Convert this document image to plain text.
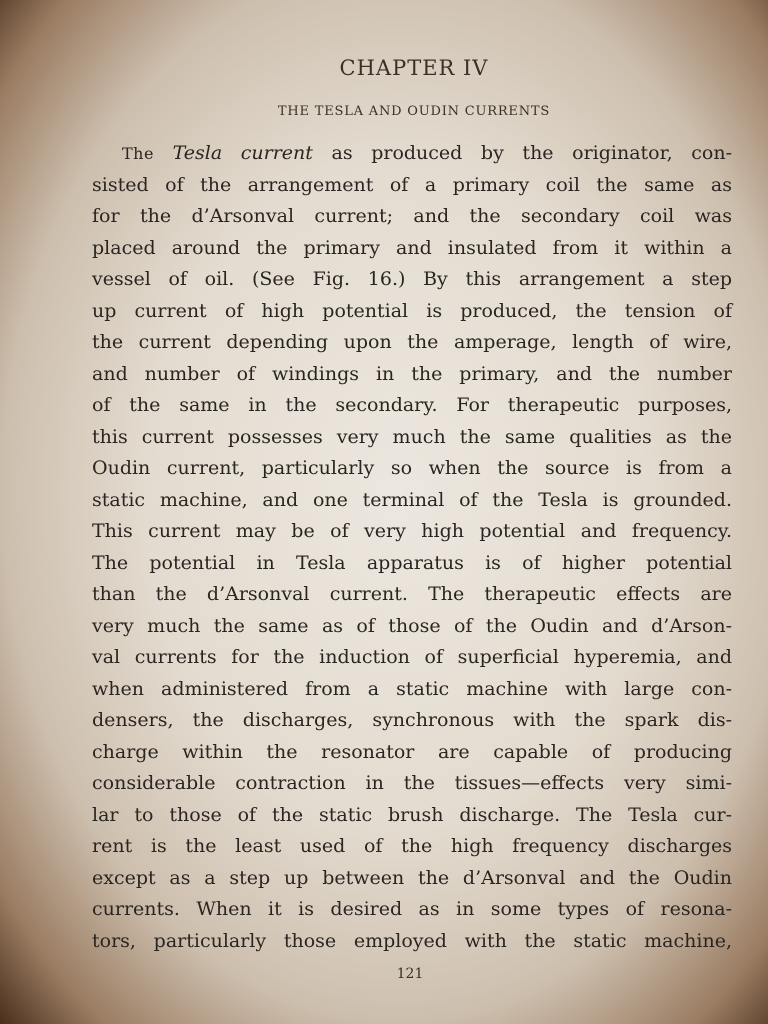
CHAPTER IV
THE TESLA AND OUDIN CURRENTS
The Tesla current as produced by the originator, con-
sisted of the arrangement of a primary coil the same as
for the d’Arsonval current; and the secondary coil was
placed around the primary and insulated from it within a
vessel of oil. (See Fig. 16.) By this arrangement a step
up current of high potential is produced, the tension of
the current depending upon the amperage, length of wire,
and number of windings in the primary, and the number
of the same in the secondary. For therapeutic purposes,
this current possesses very much the same qualities as the
Oudin current, particularly so when the source is from a
static machine, and one terminal of the Tesla is grounded.
This current may be of very high potential and frequency.
The potential in Tesla apparatus is of higher potential
than the d’Arsonval current. The therapeutic effects are
very much the same as of those of the Oudin and d’Arson-
val currents for the induction of superficial hyperemia, and
when administered from a static machine with large con-
densers, the discharges, synchronous with the spark dis-
charge within the resonator are capable of producing
considerable contraction in the tissues—effects very simi-
lar to those of the static brush discharge. The Tesla cur-
rent is the least used of the high frequency discharges
except as a step up between the d’Arsonval and the Oudin
currents. When it is desired as in some types of resona-
tors, particularly those employed with the static machine,
121
